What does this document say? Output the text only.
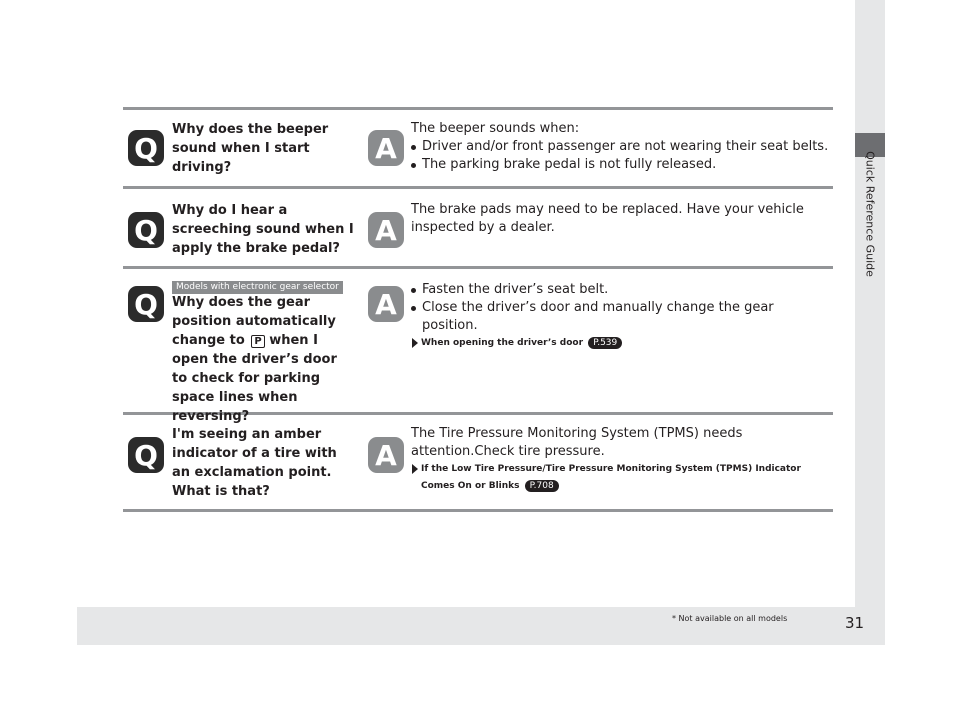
Quick Reference Guide
* Not available on all models	31
Q
Why does the beeper sound when I start driving?
A

The beeper sounds when:

Driver and/or front passenger are not wearing their seat belts.

The parking brake pedal is not fully released.

Q
Why do I hear a screeching sound when I apply the brake pedal?
A

The brake pads may need to be replaced. Have your vehicle inspected by a dealer.

Models with electronic gear selector
Q	Why does the gear position automatically change to P when I open the driver’s door to check for parking space lines when reversing?
A	Fasten the driver’s seat belt.

Close the driver’s door and manually change the gear position.

When opening the driver’s door P.539

Q
I'm seeing an amber indicator of a tire with an exclamation point. What is that?
A

The Tire Pressure Monitoring System (TPMS) needs attention.Check tire pressure.

If the Low Tire Pressure/Tire Pressure Monitoring System (TPMS) Indicator Comes On or Blinks P.708
